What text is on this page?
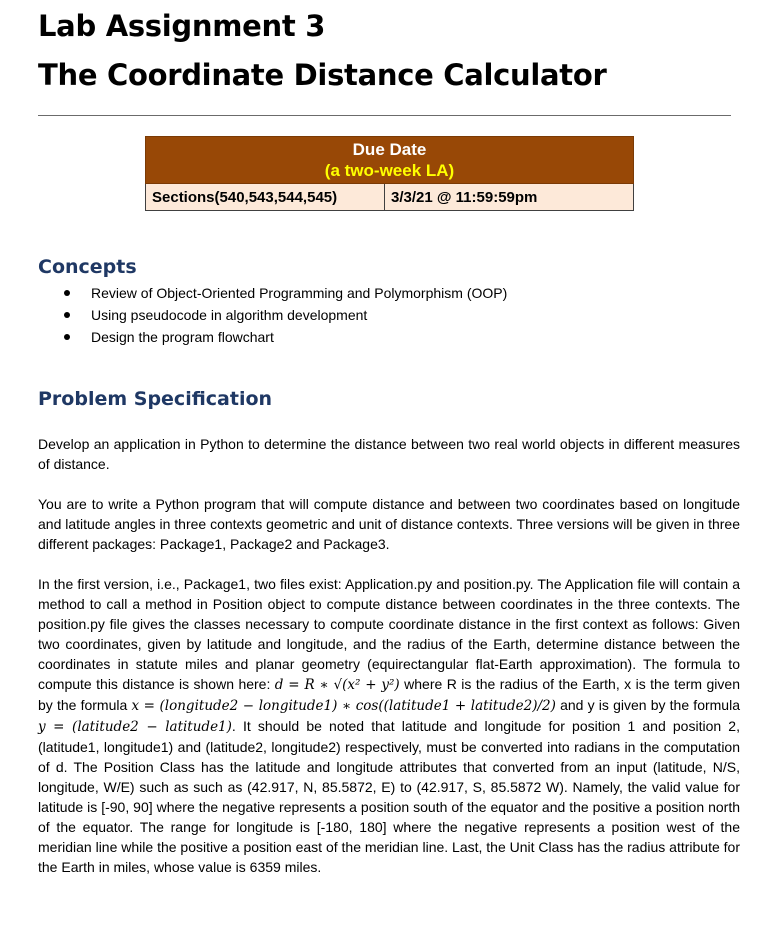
Lab Assignment 3
The Coordinate Distance Calculator
Due Date
(a two-week LA)

Sections(540,543,544,545)	3/3/21 @ 11:59:59pm
Concepts
Review of Object-Oriented Programming and Polymorphism (OOP)
Using pseudocode in algorithm development
Design the program flowchart
Problem Specification

Develop an application in Python to determine the distance between two real world objects in different measures of distance.

You are to write a Python program that will compute distance and between two coordinates based on longitude and latitude angles in three contexts geometric and unit of distance contexts. Three versions will be given in three different packages: Package1, Package2 and Package3.

In the first version, i.e., Package1, two files exist: Application.py and position.py. The Application file will contain a method to call a method in Position object to compute distance between coordinates in the three contexts. The position.py file gives the classes necessary to compute coordinate distance in the first context as follows: Given two coordinates, given by latitude and longitude, and the radius of the Earth, determine distance between the coordinates in statute miles and planar geometry (equirectangular flat-Earth approximation). The formula to compute this distance is shown here: d = R ∗ √(x² + y²) where R is the radius of the Earth, x is the term given by the formula x = (longitude2 − longitude1) ∗ cos((latitude1 + latitude2)/2) and y is given by the formula y = (latitude2 − latitude1). It should be noted that latitude and longitude for position 1 and position 2, (latitude1, longitude1) and (latitude2, longitude2) respectively, must be converted into radians in the computation of d. The Position Class has the latitude and longitude attributes that converted from an input (latitude, N/S, longitude, W/E) such as such as (42.917, N, 85.5872, E) to (42.917, S, 85.5872 W). Namely, the valid value for latitude is [-90, 90] where the negative represents a position south of the equator and the positive a position north of the equator. The range for longitude is [-180, 180] where the negative represents a position west of the meridian line while the positive a position east of the meridian line. Last, the Unit Class has the radius attribute for the Earth in miles, whose value is 6359 miles.
